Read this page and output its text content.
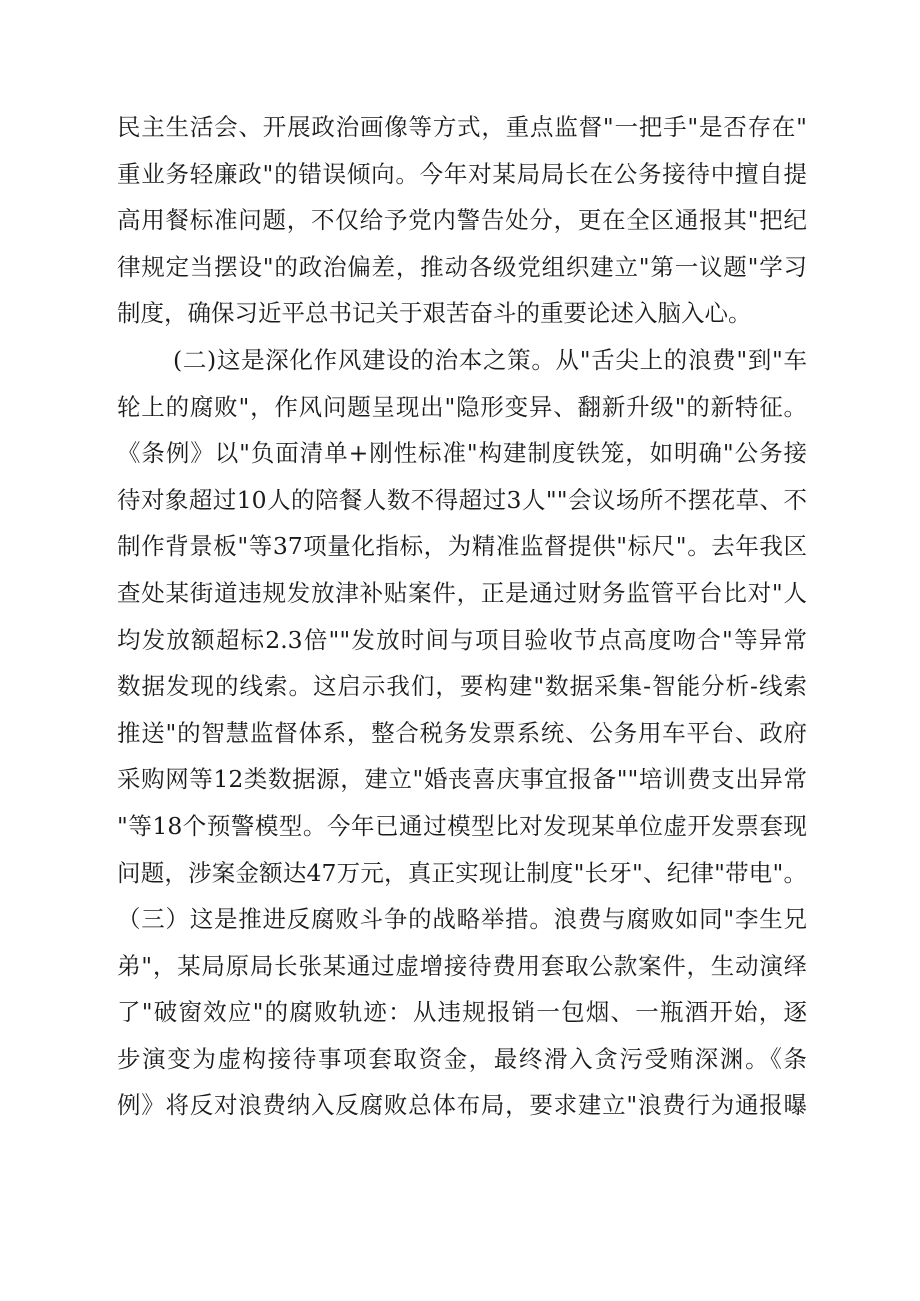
民主生活会、开展政治画像等方式，重点监督"一把手"是否存在"
重业务轻廉政"的错误倾向。今年对某局局长在公务接待中擅自提
高用餐标准问题，不仅给予党内警告处分，更在全区通报其"把纪
律规定当摆设"的政治偏差，推动各级党组织建立"第一议题"学习
制度，确保习近平总书记关于艰苦奋斗的重要论述入脑入心。
(二)这是深化作风建设的治本之策。从"舌尖上的浪费"到"车
轮上的腐败"，作风问题呈现出"隐形变异、翻新升级"的新特征。
《条例》以"负面清单+刚性标准"构建制度铁笼，如明确"公务接
待对象超过10人的陪餐人数不得超过3人""会议场所不摆花草、不
制作背景板"等37项量化指标，为精准监督提供"标尺"。去年我区
查处某街道违规发放津补贴案件，正是通过财务监管平台比对"人
均发放额超标2.3倍""发放时间与项目验收节点高度吻合"等异常
数据发现的线索。这启示我们，要构建"数据采集-智能分析-线索
推送"的智慧监督体系，整合税务发票系统、公务用车平台、政府
采购网等12类数据源，建立"婚丧喜庆事宜报备""培训费支出异常
"等18个预警模型。今年已通过模型比对发现某单位虚开发票套现
问题，涉案金额达47万元，真正实现让制度"长牙"、纪律"带电"。
（三）这是推进反腐败斗争的战略举措。浪费与腐败如同"李生兄
弟"，某局原局长张某通过虚增接待费用套取公款案件，生动演绎
了"破窗效应"的腐败轨迹：从违规报销一包烟、一瓶酒开始，逐
步演变为虚构接待事项套取资金，最终滑入贪污受贿深渊。《条
例》将反对浪费纳入反腐败总体布局，要求建立"浪费行为通报曝
